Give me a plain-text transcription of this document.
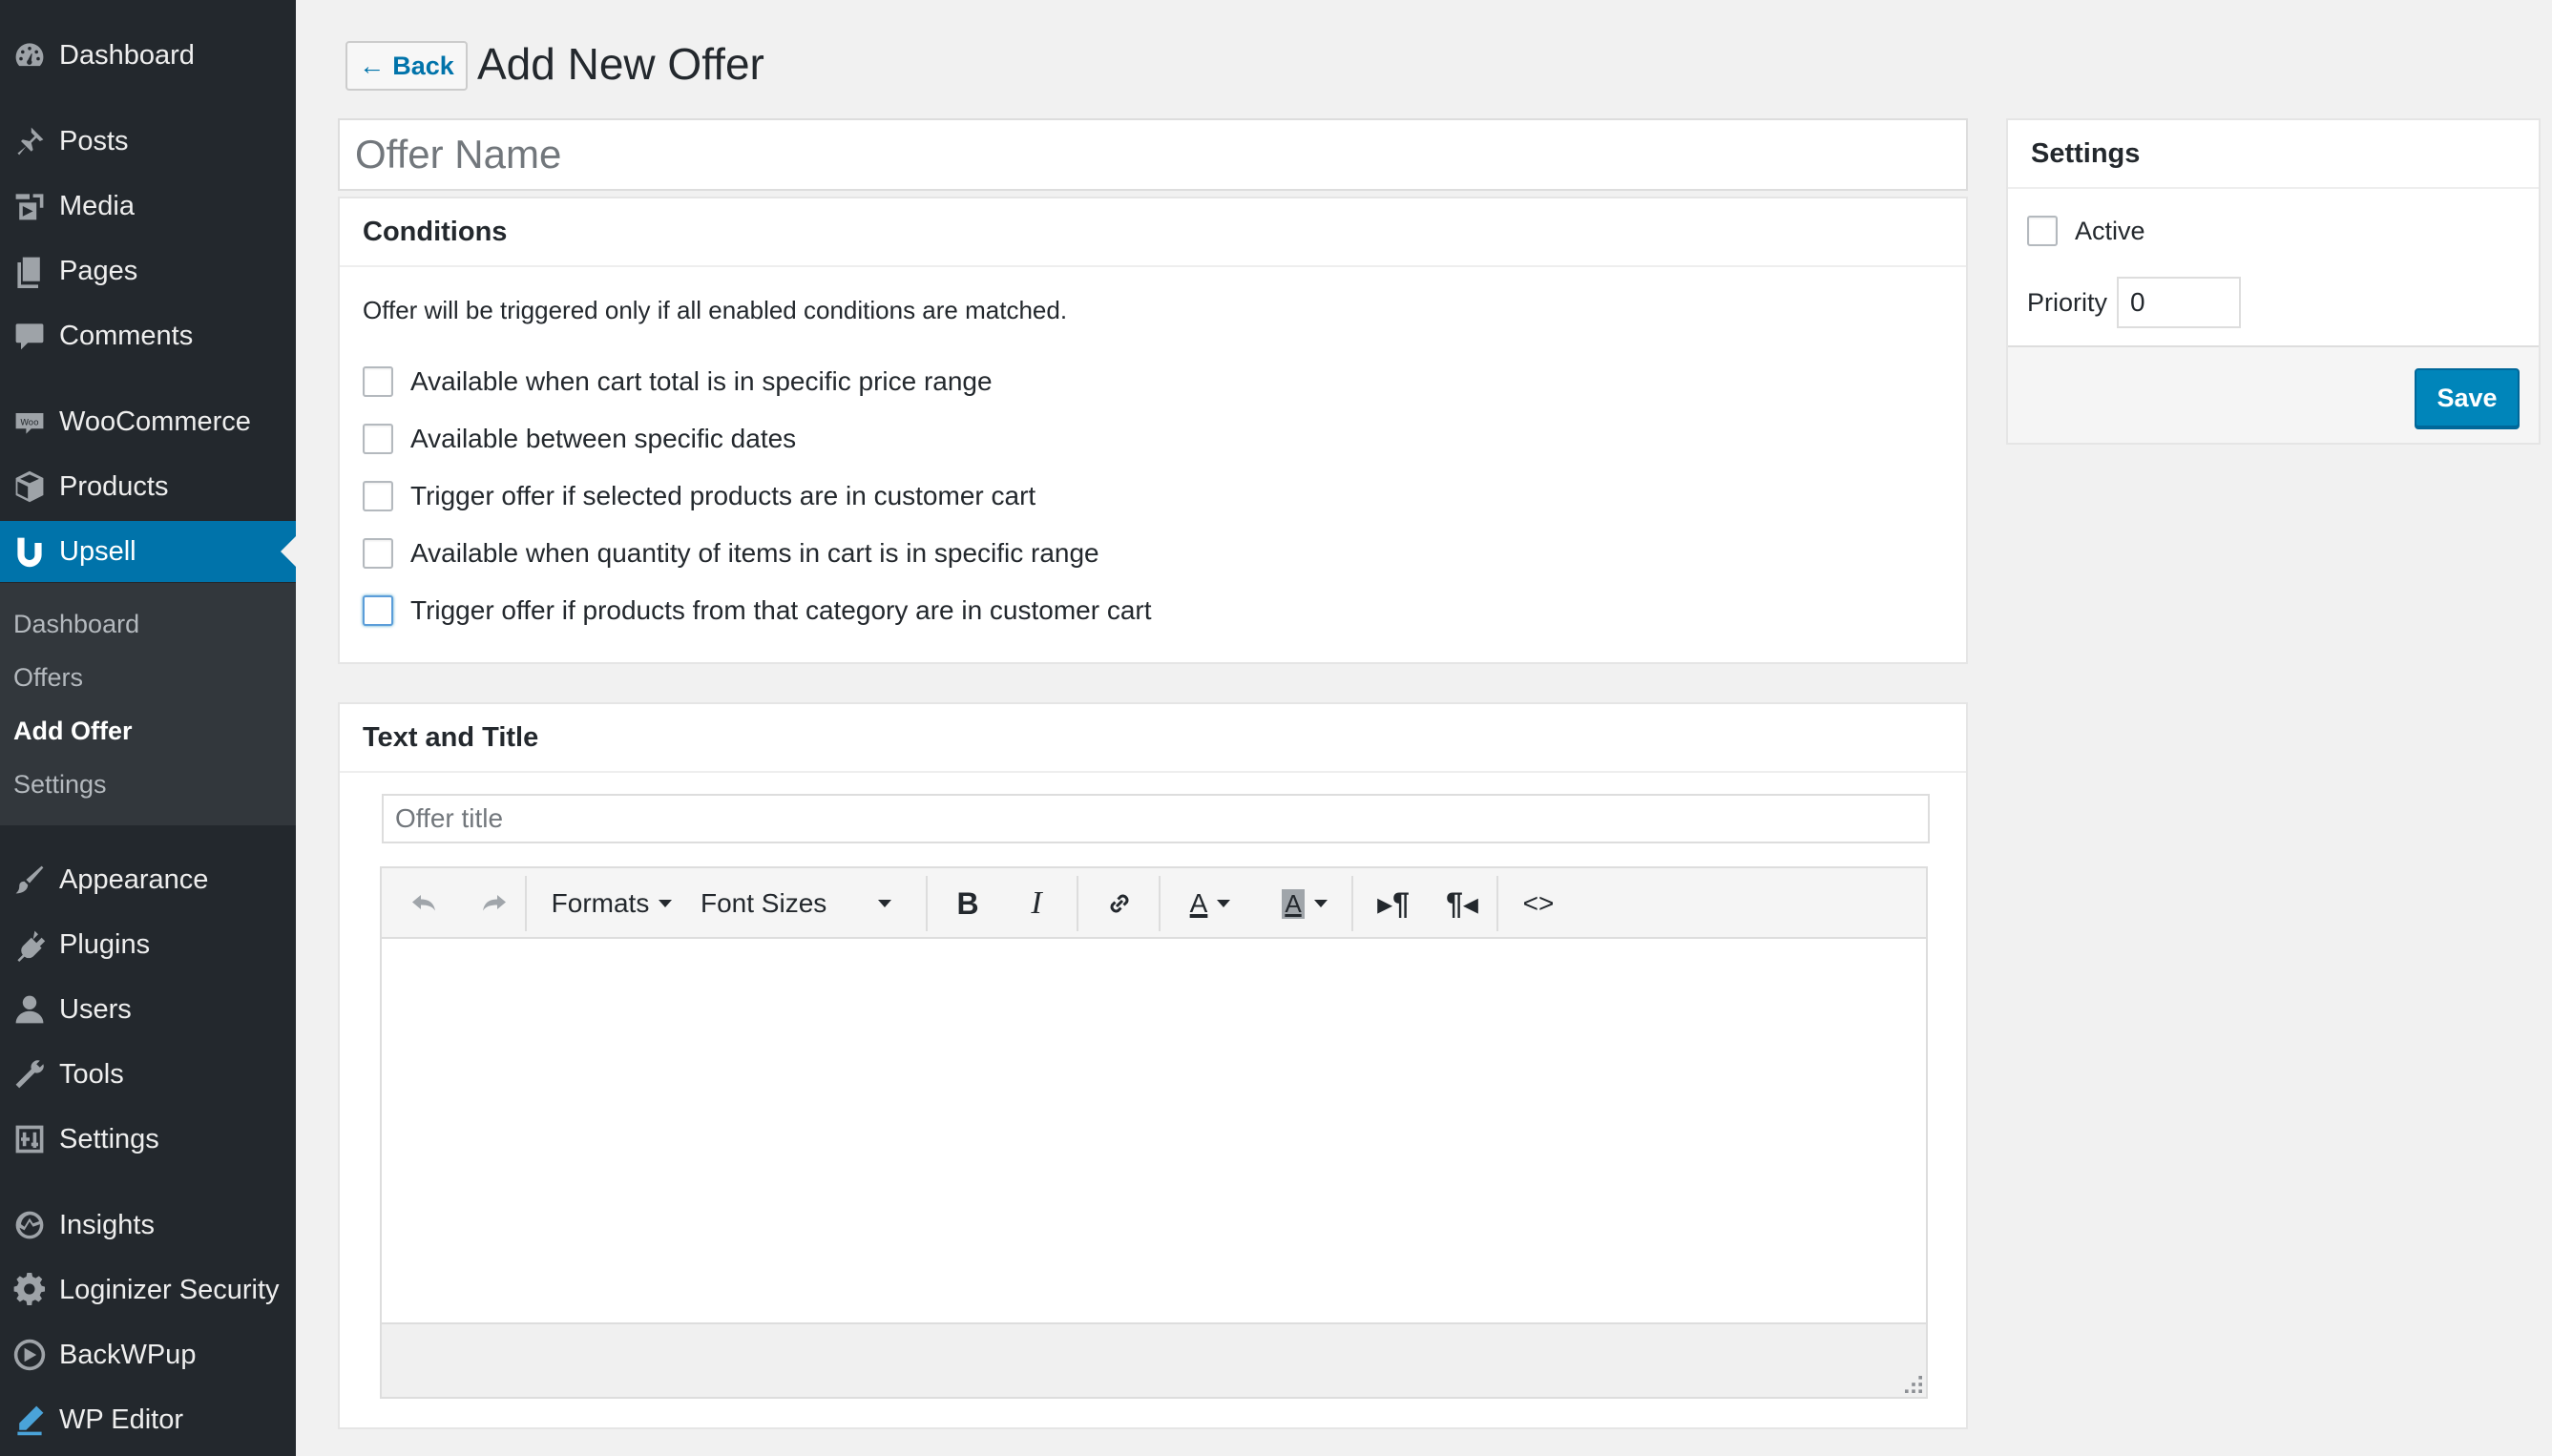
Dashboard
Posts
Media
Pages
Comments
Woo WooCommerce
Products
Upsell
Dashboard
Offers
Add Offer
Settings
Appearance
Plugins
Users
Tools
Settings
Insights
Loginizer Security
BackWPup
WP Editor
← Back Add New Offer
Offer Name
Conditions
Offer will be triggered only if all enabled conditions are matched.
Available when cart total is in specific price range
Available between specific dates
Trigger offer if selected products are in customer cart
Available when quantity of items in cart is in specific range
Trigger offer if products from that category are in customer cart
Text and Title
Offer title
Formats Font Sizes	B I	A	A ▸¶ ¶◂ <>
Settings
Active
Priority
0
Save
